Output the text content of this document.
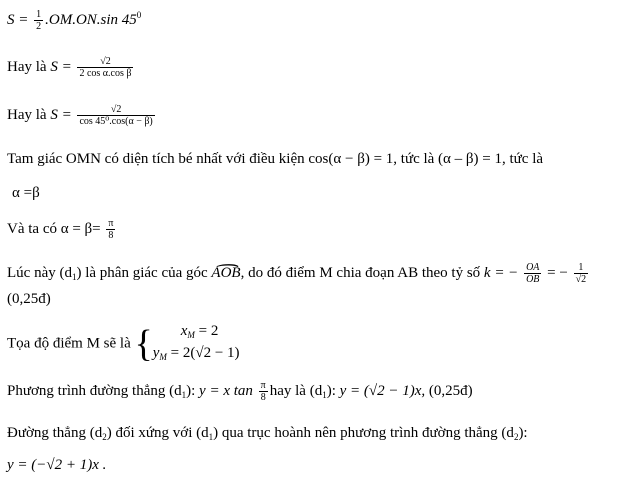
$S = \frac{1}{2} .OM.ON.\sin$ $45^0$
Hay là $S = \frac{√2}{\text{2 cos α.cos β}}$
Hay là $S = \frac{√2}{\text{cos 45⁰.cos(α − β)}}$
Tam giác OMN có diện tích bé nhất với điều kiện cos(α − β) = 1, tức là (α – β) = 1, tức là
α =β
Và ta có $\alpha = \beta= \frac{\pi}{8}$
Lúc này $(d_1)$ là phân giác của góc ⌢ AOB, do đó điểm M chia đoạn AB theo tỷ số k = − $\frac{OA}{OB}$ = − $\frac{1}{√2}$
(0,25đ)
Tọa độ điểm M sẽ là {	$x_M = 2$
$y_M = 2(√2 - 1)$
Phương trình đường thẳng $(d_1)$: y = x $\tan \frac{\pi}{8}$ hay là $(d_1)$: y = (√2 − 1)x, (0,25đ)
Đường thẳng $(d_2)$ đối xứng với $(d_1)$ qua trục hoành nên phương trình đường thẳng $(d_2)$:
y = (−√2 + 1)x .
